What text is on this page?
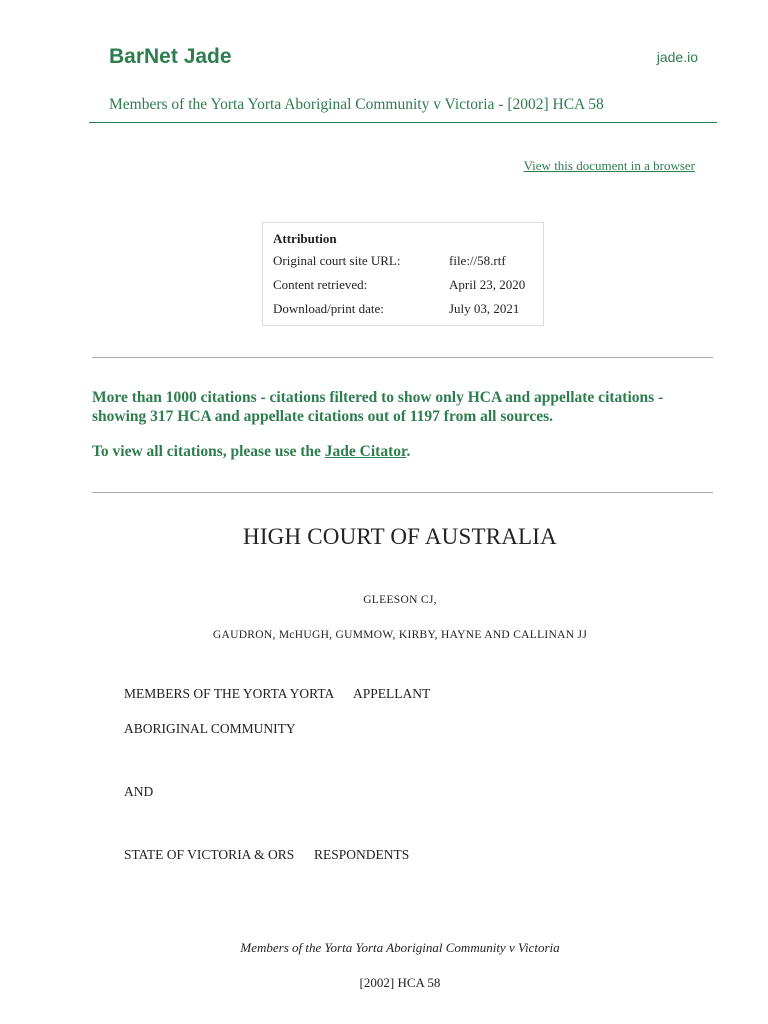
BarNet Jade	jade.io
Members of the Yorta Yorta Aboriginal Community v Victoria - [2002] HCA 58
View this document in a browser
Attribution
Original court site URL:	file://58.rtf
Content retrieved:	April 23, 2020
Download/print date:	July 03, 2021
More than 1000 citations - citations filtered to show only HCA and appellate citations - showing 317 HCA and appellate citations out of 1197 from all sources.
To view all citations, please use the Jade Citator.
HIGH COURT OF AUSTRALIA
GLEESON CJ,
GAUDRON, McHUGH, GUMMOW, KIRBY, HAYNE AND CALLINAN JJ
MEMBERS OF THE YORTA YORTA APPELLANT
ABORIGINAL COMMUNITY
AND
STATE OF VICTORIA & ORS RESPONDENTS
Members of the Yorta Yorta Aboriginal Community v Victoria
[2002] HCA 58
